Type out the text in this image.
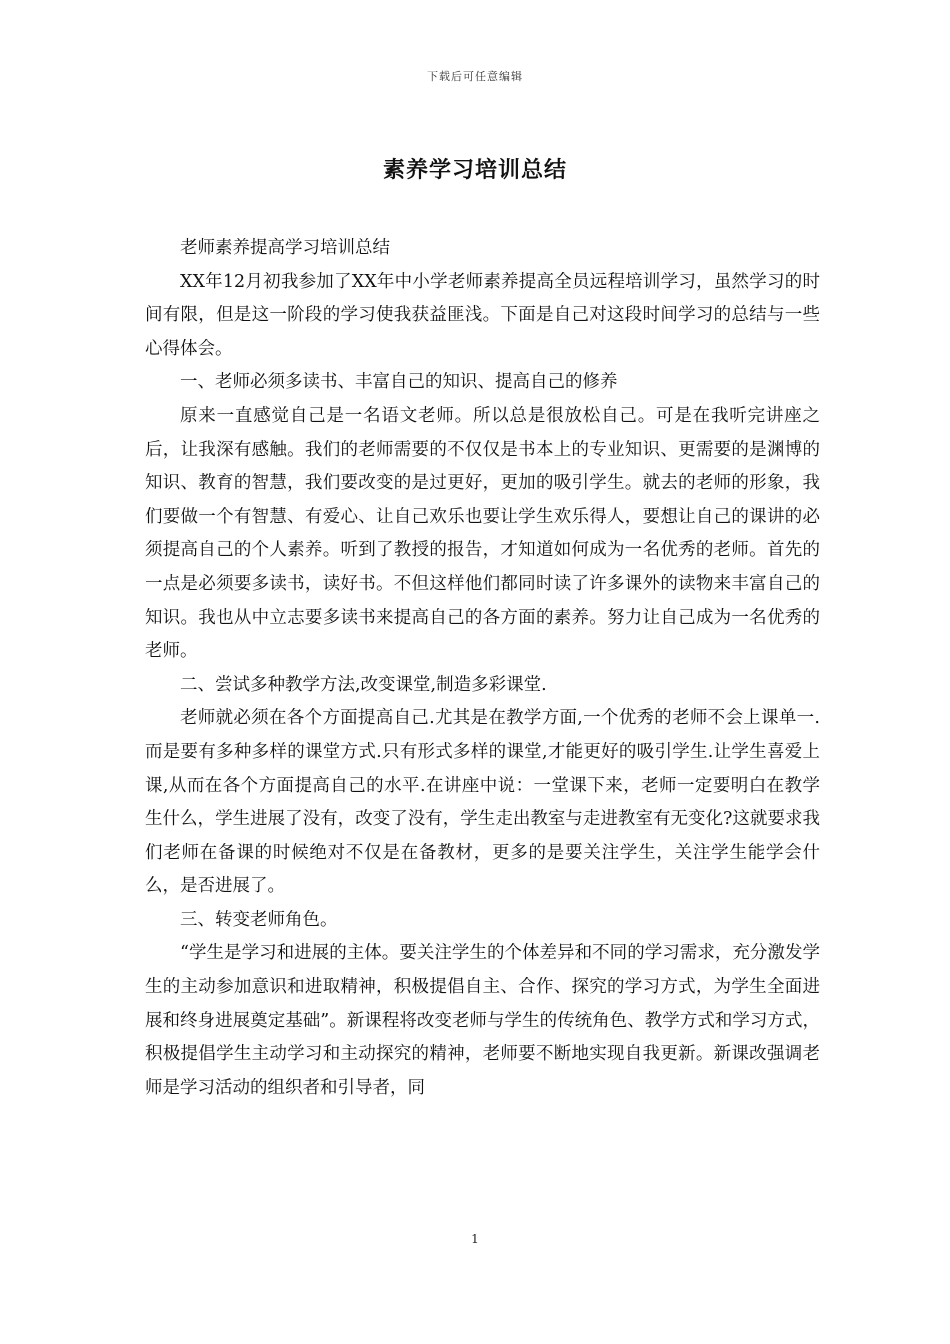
下载后可任意编辑
素养学习培训总结

老师素养提高学习培训总结

XX年12月初我参加了XX年中小学老师素养提高全员远程培训学习，虽然学习的时间有限，但是这一阶段的学习使我获益匪浅。下面是自己对这段时间学习的总结与一些心得体会。

一、老师必须多读书、丰富自己的知识、提高自己的修养

原来一直感觉自己是一名语文老师。所以总是很放松自己。可是在我听完讲座之后，让我深有感触。我们的老师需要的不仅仅是书本上的专业知识、更需要的是渊博的知识、教育的智慧，我们要改变的是过更好，更加的吸引学生。就去的老师的形象，我们要做一个有智慧、有爱心、让自己欢乐也要让学生欢乐得人，要想让自己的课讲的必须提高自己的个人素养。听到了教授的报告，才知道如何成为一名优秀的老师。首先的一点是必须要多读书，读好书。不但这样他们都同时读了许多课外的读物来丰富自己的知识。我也从中立志要多读书来提高自己的各方面的素养。努力让自己成为一名优秀的老师。

二、尝试多种教学方法,改变课堂,制造多彩课堂.

老师就必须在各个方面提高自己.尤其是在教学方面,一个优秀的老师不会上课单一.而是要有多种多样的课堂方式.只有形式多样的课堂,才能更好的吸引学生.让学生喜爱上课,从而在各个方面提高自己的水平.在讲座中说：一堂课下来，老师一定要明白在教学生什么，学生进展了没有，改变了没有，学生走出教室与走进教室有无变化?这就要求我们老师在备课的时候绝对不仅是在备教材，更多的是要关注学生，关注学生能学会什么，是否进展了。

三、转变老师角色。

“学生是学习和进展的主体。要关注学生的个体差异和不同的学习需求，充分激发学生的主动参加意识和进取精神，积极提倡自主、合作、探究的学习方式，为学生全面进展和终身进展奠定基础”。新课程将改变老师与学生的传统角色、教学方式和学习方式，积极提倡学生主动学习和主动探究的精神，老师要不断地实现自我更新。新课改强调老师是学习活动的组织者和引导者，同

1
